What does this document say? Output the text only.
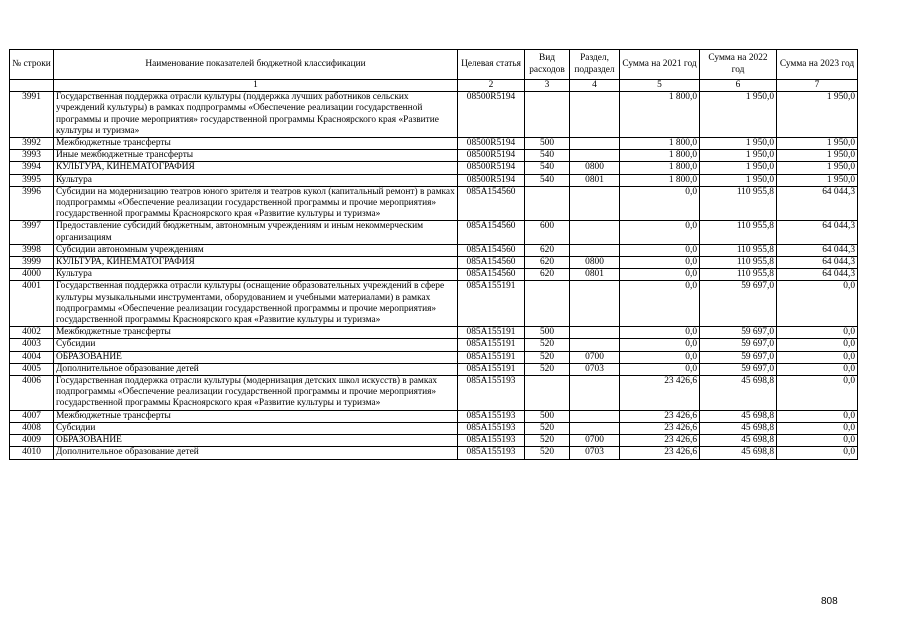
№ строки	Наименование показателей бюджетной классификации	Целевая статья	Вид расходов	Раздел, подраздел	Сумма на 2021 год	Сумма на 2022 год	Сумма на 2023 год
	1	2	3	4	5	6	7
3991	Государственная поддержка отрасли культуры (поддержка лучших работников сельских учреждений культуры) в рамках подпрограммы «Обеспечение реализации государственной программы и прочие мероприятия» государственной программы Красноярского края «Развитие культуры и туризма»	08500R5194			1 800,0	1 950,0	1 950,0
3992	Межбюджетные трансферты	08500R5194	500		1 800,0	1 950,0	1 950,0
3993	Иные межбюджетные трансферты	08500R5194	540		1 800,0	1 950,0	1 950,0
3994	КУЛЬТУРА, КИНЕМАТОГРАФИЯ	08500R5194	540	0800	1 800,0	1 950,0	1 950,0
3995	Культура	08500R5194	540	0801	1 800,0	1 950,0	1 950,0
3996	Субсидии на модернизацию театров юного зрителя и театров кукол (капитальный ремонт) в рамках подпрограммы «Обеспечение реализации государственной программы и прочие мероприятия» государственной программы Красноярского края «Развитие культуры и туризма»	085A154560			0,0	110 955,8	64 044,3
3997	Предоставление субсидий бюджетным, автономным учреждениям и иным некоммерческим организациям	085A154560	600		0,0	110 955,8	64 044,3
3998	Субсидии автономным учреждениям	085A154560	620		0,0	110 955,8	64 044,3
3999	КУЛЬТУРА, КИНЕМАТОГРАФИЯ	085A154560	620	0800	0,0	110 955,8	64 044,3
4000	Культура	085A154560	620	0801	0,0	110 955,8	64 044,3
4001	Государственная поддержка отрасли культуры (оснащение образовательных учреждений в сфере культуры музыкальными инструментами, оборудованием и учебными материалами) в рамках подпрограммы «Обеспечение реализации государственной программы и прочие мероприятия» государственной программы Красноярского края «Развитие культуры и туризма»	085A155191			0,0	59 697,0	0,0
4002	Межбюджетные трансферты	085A155191	500		0,0	59 697,0	0,0
4003	Субсидии	085A155191	520		0,0	59 697,0	0,0
4004	ОБРАЗОВАНИЕ	085A155191	520	0700	0,0	59 697,0	0,0
4005	Дополнительное образование детей	085A155191	520	0703	0,0	59 697,0	0,0
4006	Государственная поддержка отрасли культуры (модернизация детских школ искусств) в рамках подпрограммы «Обеспечение реализации государственной программы и прочие мероприятия» государственной программы Красноярского края «Развитие культуры и туризма»	085A155193			23 426,6	45 698,8	0,0
4007	Межбюджетные трансферты	085A155193	500		23 426,6	45 698,8	0,0
4008	Субсидии	085A155193	520		23 426,6	45 698,8	0,0
4009	ОБРАЗОВАНИЕ	085A155193	520	0700	23 426,6	45 698,8	0,0
4010	Дополнительное образование детей	085A155193	520	0703	23 426,6	45 698,8	0,0
808
